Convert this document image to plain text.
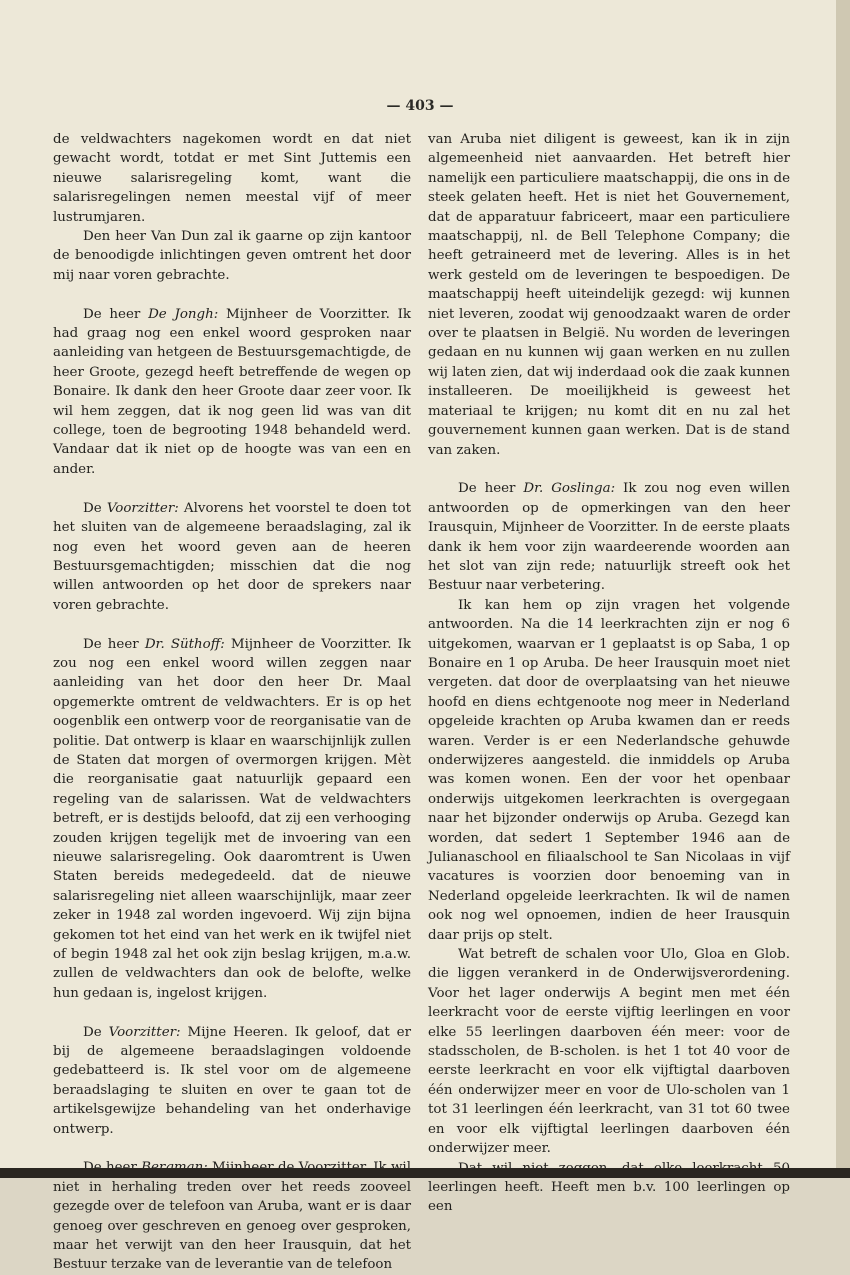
— 403 —

de veldwachters nagekomen wordt en dat niet gewacht wordt, totdat er met Sint Juttemis een nieuwe salarisregeling komt, want die salarisregelingen nemen meestal vijf of meer lustrumjaren.

Den heer Van Dun zal ik gaarne op zijn kantoor de benoodigde inlichtingen geven omtrent het door mij naar voren gebrachte.

De heer De Jongh: Mijnheer de Voorzitter. Ik had graag nog een enkel woord gesproken naar aanleiding van hetgeen de Bestuursgemachtigde, de heer Groote, gezegd heeft betreffende de wegen op Bonaire. Ik dank den heer Groote daar zeer voor. Ik wil hem zeggen, dat ik nog geen lid was van dit college, toen de begrooting 1948 behandeld werd. Vandaar dat ik niet op de hoogte was van een en ander.

De Voorzitter: Alvorens het voorstel te doen tot het sluiten van de algemeene beraadslaging, zal ik nog even het woord geven aan de heeren Bestuursgemachtigden; misschien dat die nog willen antwoorden op het door de sprekers naar voren gebrachte.

De heer Dr. Süthoff: Mijnheer de Voorzitter. Ik zou nog een enkel woord willen zeggen naar aanleiding van het door den heer Dr. Maal opgemerkte omtrent de veldwachters. Er is op het oogenblik een ontwerp voor de reorganisatie van de politie. Dat ontwerp is klaar en waarschijnlijk zullen de Staten dat morgen of overmorgen krijgen. Mèt die reorganisatie gaat natuurlijk gepaard een regeling van de salarissen. Wat de veldwachters betreft, er is destijds beloofd, dat zij een verhooging zouden krijgen tegelijk met de invoering van een nieuwe salarisregeling. Ook daaromtrent is Uwen Staten bereids medegedeeld. dat de nieuwe salarisregeling niet alleen waarschijnlijk, maar zeer zeker in 1948 zal worden ingevoerd. Wij zijn bijna gekomen tot het eind van het werk en ik twijfel niet of begin 1948 zal het ook zijn beslag krijgen, m.a.w. zullen de veldwachters dan ook de belofte, welke hun gedaan is, ingelost krijgen.

De Voorzitter: Mijne Heeren. Ik geloof, dat er bij de algemeene beraadslagingen voldoende gedebatteerd is. Ik stel voor om de algemeene beraadslaging te sluiten en over te gaan tot de artikelsgewijze behandeling van het onderhavige ontwerp.

niet in herhaling treden over het reeds zooveel gezegde over de telefoon van Aruba, want er is daar genoeg over geschreven en genoeg over gesproken, maar het verwijt van den heer Irausquin, dat het Bestuur terzake van de leverantie van de telefoon

van Aruba niet diligent is geweest, kan ik in zijn algemeenheid niet aanvaarden. Het betreft hier namelijk een particuliere maatschappij, die ons in de steek gelaten heeft. Het is niet het Gouvernement, dat de apparatuur fabriceert, maar een particuliere maatschappij, nl. de Bell Telephone Company; die heeft getraineerd met de levering. Alles is in het werk gesteld om de leveringen te bespoedigen. De maatschappij heeft uiteindelijk gezegd: wij kunnen niet leveren, zoodat wij genoodzaakt waren de order over te plaatsen in België. Nu worden de leveringen gedaan en nu kunnen wij gaan werken en nu zullen wij laten zien, dat wij inderdaad ook die zaak kunnen installeeren. De moeilijkheid is geweest het materiaal te krijgen; nu komt dit en nu zal het gouvernement kunnen gaan werken. Dat is de stand van zaken.

De heer Dr. Goslinga: Ik zou nog even willen antwoorden op de opmerkingen van den heer Irausquin, Mijnheer de Voorzitter. In de eerste plaats dank ik hem voor zijn waardeerende woorden aan het slot van zijn rede; natuurlijk streeft ook het Bestuur naar verbetering.

Ik kan hem op zijn vragen het volgende antwoorden. Na die 14 leerkrachten zijn er nog 6 uitgekomen, waarvan er 1 geplaatst is op Saba, 1 op Bonaire en 1 op Aruba. De heer Irausquin moet niet vergeten. dat door de overplaatsing van het nieuwe hoofd en diens echtgenoote nog meer in Nederland opgeleide krachten op Aruba kwamen dan er reeds waren. Verder is er een Nederlandsche gehuwde onderwijzeres aangesteld. die inmiddels op Aruba was komen wonen. Een der voor het openbaar onderwijs uitgekomen leerkrachten is overgegaan naar het bijzonder onderwijs op Aruba. Gezegd kan worden, dat sedert 1 September 1946 aan de Julianaschool en filiaalschool te San Nicolaas in vijf vacatures is voorzien door benoeming van in Nederland opgeleide leerkrachten. Ik wil de namen ook nog wel opnoemen, indien de heer Irausquin daar prijs op stelt.

Wat betreft de schalen voor Ulo, Gloa en Glob. die liggen verankerd in de Onderwijsverordening. Voor het lager onderwijs A begint men met één leerkracht voor de eerste vijftig leerlingen en voor elke 55 leerlingen daarboven één meer: voor de stadsscholen, de B-scholen. is het 1 tot 40 voor de eerste leerkracht en voor elk vijftigtal daarboven één onderwijzer meer en voor de Ulo-scholen van 1 tot 31 leerlingen één leerkracht, van 31 tot 60 twee en voor elk vijftigtal leerlingen daarboven één onderwijzer meer.

leerlingen heeft. Heeft men b.v. 100 leerlingen op een
